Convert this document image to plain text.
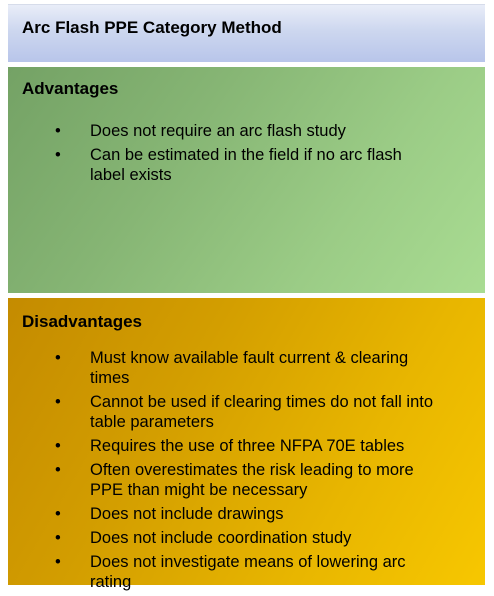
Arc Flash PPE Category Method
Advantages
• Does not require an arc flash study
• Can be estimated in the field if no arc flash label exists
Disadvantages
• Must know available fault current & clearing times
• Cannot be used if clearing times do not fall into table parameters
• Requires the use of three NFPA 70E tables
• Often overestimates the risk leading to more PPE than might be necessary
• Does not include drawings
• Does not include coordination study
• Does not investigate means of lowering arc rating
